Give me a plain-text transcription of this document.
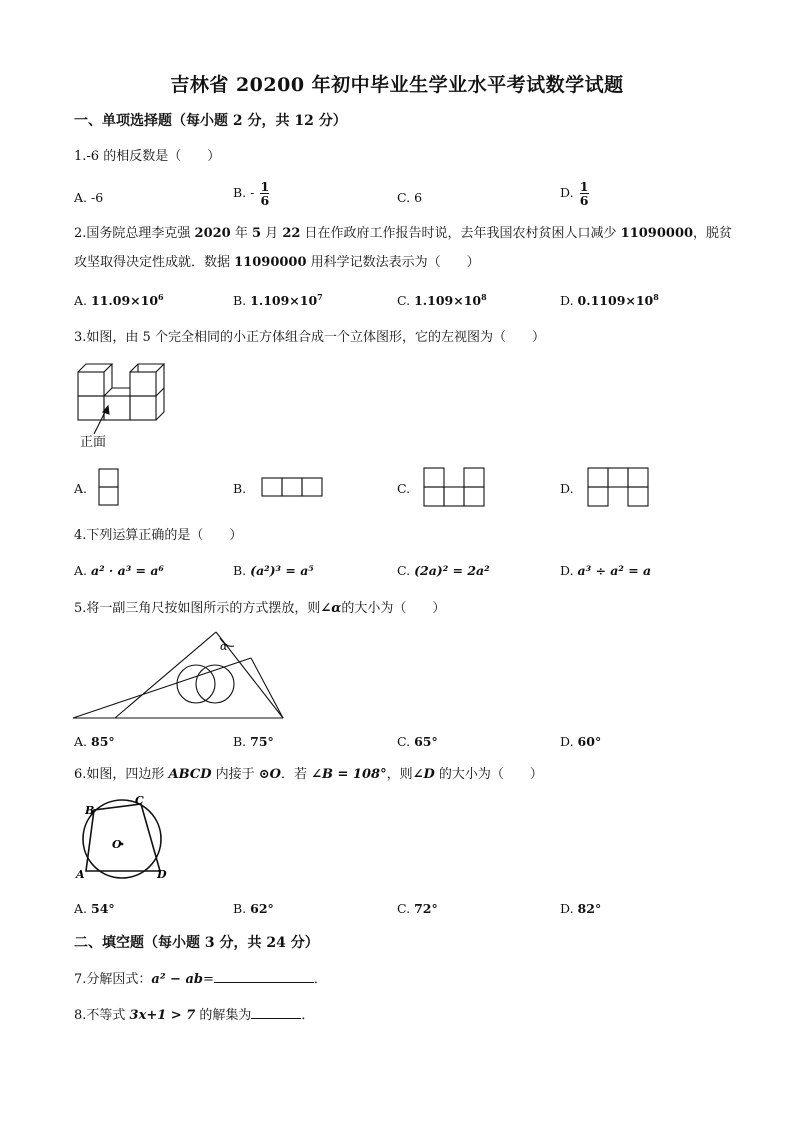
吉林省 20200 年初中毕业生学业水平考试数学试题
一、单项选择题（每小题 2 分，共 12 分）
1.-6 的相反数是（　　）
A. -6	B. - $\frac{1}{6}$	C. 6	D. $\frac{1}{6}$
2.国务院总理李克强 2020 年 5 月 22 日在作政府工作报告时说，去年我国农村贫困人口减少 11090000，脱贫攻坚取得决定性成就．数据 11090000 用科学记数法表示为（　　）
A. $11.09\times 10^6$	B. $1.109\times 10^7$	C. $1.109\times 10^8$	D. $0.1109\times 10^8$
3.如图，由 5 个完全相同的小正方体组合成一个立体图形，它的左视图为（　　）
正面
A.	B.	C.	D.
4.下列运算正确的是（　　）
A. a² · a³ = a⁶	B. (a²)³ = a⁵	C. (2a)² = 2a²	D. a³ ÷ a² = a
5.将一副三角尺按如图所示的方式摆放，则∠α的大小为（　　）
α
A. 85°	B. 75°	C. 65°	D. 60°
6.如图，四边形 ABCD 内接于 ⊙O．若 ∠B = 108°，则∠D 的大小为（　　）
B
C
A	D
O
A. 54°	B. 62°	C. 72°	D. 82°
二、填空题（每小题 3 分，共 24 分）
7.分解因式：a² − ab=	．
8.不等式 3x+1 > 7 的解集为	．
